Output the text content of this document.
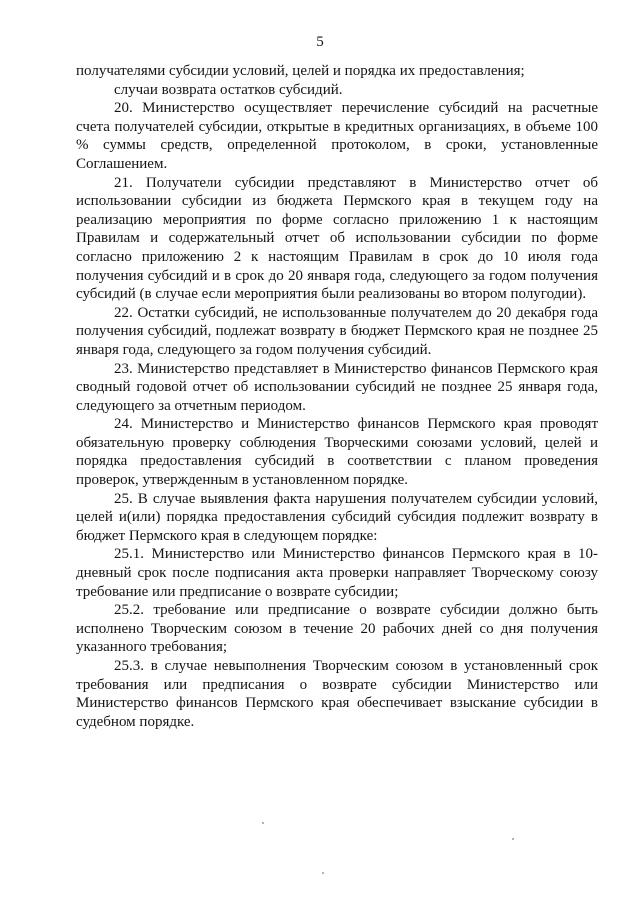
5

получателями субсидии условий, целей и порядка их предоставления;

случаи возврата остатков субсидий.

20. Министерство осуществляет перечисление субсидий на расчетные счета получателей субсидии, открытые в кредитных организациях, в объеме 100 % суммы средств, определенной протоколом, в сроки, установленные Соглашением.

21. Получатели субсидии представляют в Министерство отчет об использовании субсидии из бюджета Пермского края в текущем году на реализацию мероприятия по форме согласно приложению 1 к настоящим Правилам и содержательный отчет об использовании субсидии по форме согласно приложению 2 к настоящим Правилам в срок до 10 июля года получения субсидий и в срок до 20 января года, следующего за годом получения субсидий (в случае если мероприятия были реализованы во втором полугодии).

22. Остатки субсидий, не использованные получателем до 20 декабря года получения субсидий, подлежат возврату в бюджет Пермского края не позднее 25 января года, следующего за годом получения субсидий.

23. Министерство представляет в Министерство финансов Пермского края сводный годовой отчет об использовании субсидий не позднее 25 января года, следующего за отчетным периодом.

24. Министерство и Министерство финансов Пермского края проводят обязательную проверку соблюдения Творческими союзами условий, целей и порядка предоставления субсидий в соответствии с планом проведения проверок, утвержденным в установленном порядке.

25. В случае выявления факта нарушения получателем субсидии условий, целей и(или) порядка предоставления субсидий субсидия подлежит возврату в бюджет Пермского края в следующем порядке:

25.1. Министерство или Министерство финансов Пермского края в 10-дневный срок после подписания акта проверки направляет Творческому союзу требование или предписание о возврате субсидии;

25.2. требование или предписание о возврате субсидии должно быть исполнено Творческим союзом в течение 20 рабочих дней со дня получения указанного требования;

25.3. в случае невыполнения Творческим союзом в установленный срок требования или предписания о возврате субсидии Министерство или Министерство финансов Пермского края обеспечивает взыскание субсидии в судебном порядке.
